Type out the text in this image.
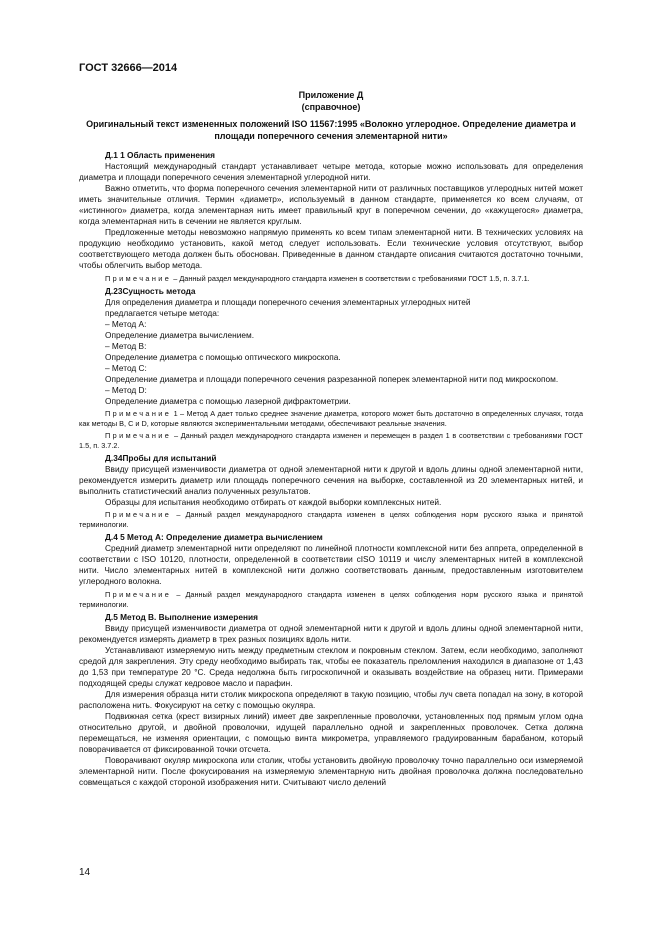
ГОСТ 32666—2014
Приложение Д
(справочное)
Оригинальный текст измененных положений ISO 11567:1995 «Волокно углеродное. Определение диаметра и площади поперечного сечения элементарной нити»
Д.1 1 Область применения

Настоящий международный стандарт устанавливает четыре метода, которые можно использовать для определения диаметра и площади поперечного сечения элементарной углеродной нити.

Важно отметить, что форма поперечного сечения элементарной нити от различных поставщиков углеродных нитей может иметь значительные отличия. Термин «диаметр», используемый в данном стандарте, применяется ко всем случаям, от «истинного» диаметра, когда элементарная нить имеет правильный круг в поперечном сечении, до «кажущегося» диаметра, когда элементарная нить в сечении не является круглым.

Предложенные методы невозможно напрямую применять ко всем типам элементарной нити. В технических условиях на продукцию необходимо установить, какой метод следует использовать. Если технические условия отсутствуют, выбор соответствующего метода должен быть обоснован. Приведенные в данном стандарте описания считаются достаточно точными, чтобы облегчить выбор метода.

Примечание – Данный раздел международного стандарта изменен в соответствии с требованиями ГОСТ 1.5, п. 3.7.1.
Д.23Сущность метода

Для определения диаметра и площади поперечного сечения элементарных углеродных нитей

предлагается четыре метода:

– Метод А:

Определение диаметра вычислением.

– Метод В:

Определение диаметра с помощью оптического микроскопа.

– Метод С:

Определение диаметра и площади поперечного сечения разрезанной поперек элементарной нити под микроскопом.

– Метод D:

Определение диаметра с помощью лазерной дифрактометрии.

Примечание 1 – Метод А дает только среднее значение диаметра, которого может быть достаточно в определенных случаях, тогда как методы В, С и D, которые являются экспериментальными методами, обеспечивают реальные значения.
Примечание – Данный раздел международного стандарта изменен и перемещен в раздел 1 в соответствии с требованиями ГОСТ 1.5, п. 3.7.2.
Д.34Пробы для испытаний

Ввиду присущей изменчивости диаметра от одной элементарной нити к другой и вдоль длины одной элементарной нити, рекомендуется измерить диаметр или площадь поперечного сечения на выборке, составленной из 20 элементарных нитей, и выполнить статистический анализ полученных результатов.

Образцы для испытания необходимо отбирать от каждой выборки комплексных нитей.

Примечание – Данный раздел международного стандарта изменен в целях соблюдения норм русского языка и принятой терминологии.
Д.4 5 Метод А: Определение диаметра вычислением

Средний диаметр элементарной нити определяют по линейной плотности комплексной нити без аппрета, определенной в соответствии с ISO 10120, плотности, определенной в соответствии сISO 10119 и числу элементарных нитей в комплексной нити. Число элементарных нитей в комплексной нити должно соответствовать данным, предоставленным изготовителем углеродного волокна.

Примечание – Данный раздел международного стандарта изменен в целях соблюдения норм русского языка и принятой терминологии.
Д.5 Метод В. Выполнение измерения

Ввиду присущей изменчивости диаметра от одной элементарной нити к другой и вдоль длины одной элементарной нити, рекомендуется измерять диаметр в трех разных позициях вдоль нити.

Устанавливают измеряемую нить между предметным стеклом и покровным стеклом. Затем, если необходимо, заполняют средой для закрепления. Эту среду необходимо выбирать так, чтобы ее показатель преломления находился в диапазоне от 1,43 до 1,53 при температуре 20 °С. Среда недолжна быть гигроскопичной и оказывать воздействие на образец нити. Примерами подходящей среды служат кедровое масло и парафин.

Для измерения образца нити столик микроскопа определяют в такую позицию, чтобы луч света попадал на зону, в которой расположена нить. Фокусируют на сетку с помощью окуляра.

Подвижная сетка (крест визирных линий) имеет две закрепленные проволочки, установленных под прямым углом одна относительно другой, и двойной проволочки, идущей параллельно одной и закрепленных проволочек. Сетка должна перемещаться, не изменяя ориентации, с помощью винта микрометра, управляемого градуированным барабаном, который поворачивается от фиксированной точки отсчета.

Поворачивают окуляр микроскопа или столик, чтобы установить двойную проволочку точно параллельно оси измеряемой элементарной нити. После фокусирования на измеряемую элементарную нить двойная проволочка должна последовательно совмещаться с каждой стороной изображения нити. Считывают число делений

14
